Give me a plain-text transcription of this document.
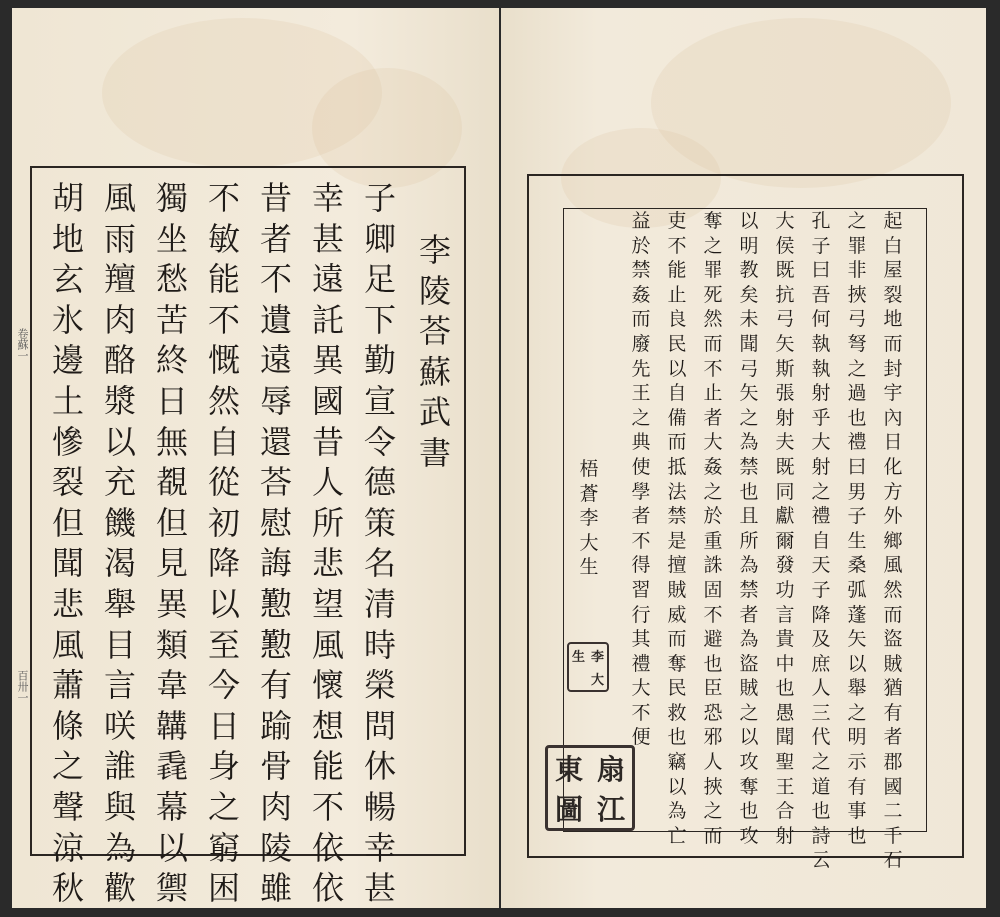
卷蘇一
百卅一
李
陵
荅
蘇
武
書
子
卿
足
下
勤
宣
令
德
策
名
清
時
榮
問
休
暢
幸
甚
幸
甚
遠
託
異
國
昔
人
所
悲
望
風
懷
想
能
不
依
依
昔
者
不
遺
遠
辱
還
荅
慰
誨
懃
懃
有
踰
骨
肉
陵
雖
不
敏
能
不
慨
然
自
從
初
降
以
至
今
日
身
之
窮
困
獨
坐
愁
苦
終
日
無
覩
但
見
異
類
韋
韝
毳
幕
以
禦
風
雨
羶
肉
酪
漿
以
充
饑
渴
舉
目
言
咲
誰
與
為
歡
胡
地
玄
氷
邊
土
慘
裂
但
聞
悲
風
蕭
條
之
聲
涼
秋
起
白
屋
裂
地
而
封
宇
內
日
化
方
外
鄉
風
然
而
盜
賊
猶
有
者
郡
國
二
千
石
之
罪
非
挾
弓
弩
之
過
也
禮
曰
男
子
生
桑
弧
蓬
矢
以
舉
之
明
示
有
事
也
孔
子
曰
吾
何
執
執
射
乎
大
射
之
禮
自
天
子
降
及
庶
人
三
代
之
道
也
詩
云
大
侯
既
抗
弓
矢
斯
張
射
夫
既
同
獻
爾
發
功
言
貴
中
也
愚
聞
聖
王
合
射
以
明
教
矣
未
聞
弓
矢
之
為
禁
也
且
所
為
禁
者
為
盜
賊
之
以
攻
奪
也
攻
奪
之
罪
死
然
而
不
止
者
大
姦
之
於
重
誅
固
不
避
也
臣
恐
邪
人
挾
之
而
吏
不
能
止
良
民
以
自
備
而
抵
法
禁
是
擅
賊
威
而
奪
民
救
也
竊
以
為
亡
益
於
禁
姦
而
廢
先
王
之
典
使
學
者
不
得
習
行
其
禮
大
不
便
梧
蒼
李
大
生
生 李
大
東 扇
圖 江
